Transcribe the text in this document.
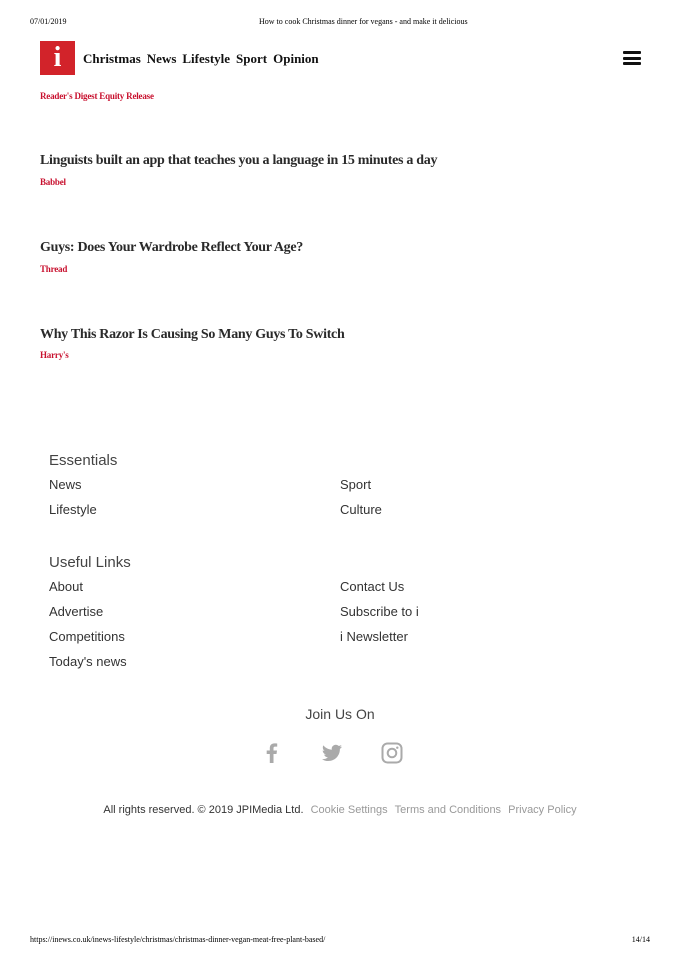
07/01/2019	How to cook Christmas dinner for vegans - and make it delicious
https://inews.co.uk/inews-lifestyle/christmas/christmas-dinner-vegan-meat-free-plant-based/	14/14
i	Christmas News Lifestyle Sport Opinion
Reader's Digest Equity Release
Linguists built an app that teaches you a language in 15 minutes a day
Babbel
Guys: Does Your Wardrobe Reflect Your Age?
Thread
Why This Razor Is Causing So Many Guys To Switch
Harry's
Essentials
News	Sport
Lifestyle	Culture
Useful Links
About	Contact Us
Advertise	Subscribe to i
Competitions	i Newsletter
Today's news
Join Us On
All rights reserved. © 2019 JPIMedia Ltd. Cookie Settings Terms and Conditions Privacy Policy
